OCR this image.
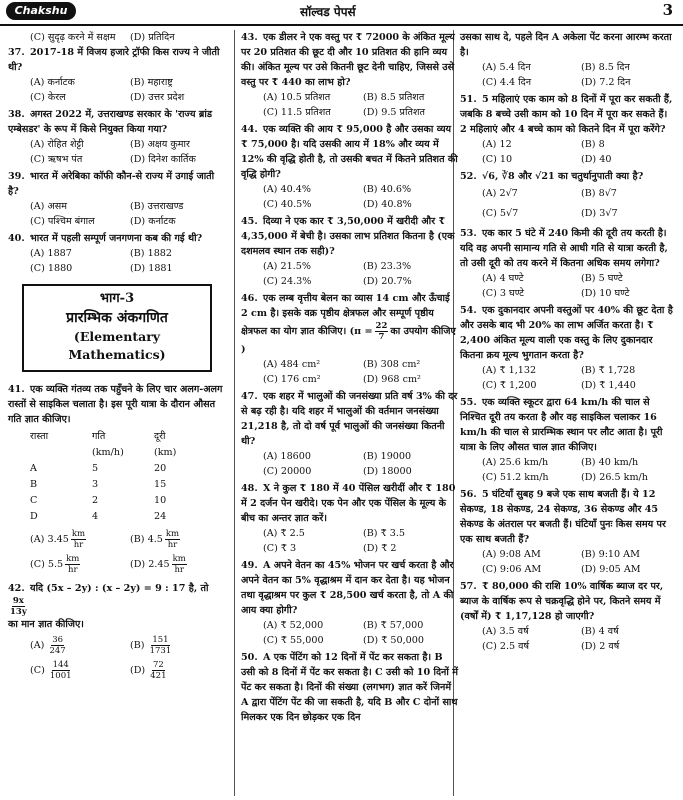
Chakshu	सॉल्वड पेपर्स	3
(C) सुदृढ़ करने में सक्षम	(D) प्रतिदिन
37. 2017-18 में विजय हजारे ट्रॉफी किस राज्य ने जीती थी?
(A) कर्नाटक	(B) महाराष्ट्र
(C) केरल	(D) उत्तर प्रदेश
38. अगस्त 2022 में, उत्तराखण्ड सरकार के 'राज्य ब्रांड एम्बेसडर' के रूप में किसे नियुक्त किया गया?
(A) रोहित शेट्टी	(B) अक्षय कुमार
(C) ऋषभ पंत	(D) दिनेश कार्तिक
39. भारत में अरेबिका कॉफी कौन-से राज्य में उगाई जाती है?
(A) असम	(B) उत्तराखण्ड
(C) पश्चिम बंगाल	(D) कर्नाटक
40. भारत में पहली सम्पूर्ण जनगणना कब की गई थी?
(A) 1887	(B) 1882
(C) 1880	(D) 1881
भाग-3
प्रारम्भिक अंकगणित
(Elementary Mathematics)
41. एक व्यक्ति गंतव्य तक पहुँचने के लिए चार अलग-अलग रास्तों से साइकिल चलाता है। इस पूरी यात्रा के दौरान औसत गति ज्ञात कीजिए।
रास्ता	गति	दूरी
	(km/h)	(km)
A	5	20
B	3	15
C	2	10
D	4	24
(A) $3.45 \frac{km}{hr}$	(B) $4.5 \frac{km}{hr}$
(C) $5.5 \frac{km}{hr}$	(D) $2.45 \frac{km}{hr}$
42. यदि (5x – 2y) : (x – 2y) = 9 : 17 है, तो
$\frac{9x}{13y}$

का मान ज्ञात कीजिए।
$(A) \frac{36}{247}$	$(B) \frac{151}{1731}$
$(C) \frac{144}{1001}$	$(D) \frac{72}{421}$
43. एक डीलर ने एक वस्तु पर ₹ 72000 के अंकित मूल्य पर 20 प्रतिशत की छूट दी और 10 प्रतिशत की हानि व्यय की। अंकित मूल्य पर उसे कितनी छूट देनी चाहिए, जिससे उसे वस्तु पर ₹ 440 का लाभ हो?
(A) 10.5 प्रतिशत	(B) 8.5 प्रतिशत
(C) 11.5 प्रतिशत	(D) 9.5 प्रतिशत
44. एक व्यक्ति की आय ₹ 95,000 है और उसका व्यय ₹ 75,000 है। यदि उसकी आय में 18% और व्यय में 12% की वृद्धि होती है, तो उसकी बचत में कितने प्रतिशत की वृद्धि होगी?
(A) 40.4%	(B) 40.6%
(C) 40.5%	(D) 40.8%
45. दिव्या ने एक कार ₹ 3,50,000 में खरीदी और ₹ 4,35,000 में बेची है। उसका लाभ प्रतिशत कितना है (एक दशमलव स्थान तक सही)?
(A) 21.5%	(B) 23.3%
(C) 24.3%	(D) 20.7%
46. एक लम्ब वृत्तीय बेलन का व्यास 14 cm और ऊँचाई 2 cm है। इसके वक्र पृष्ठीय क्षेत्रफल और सम्पूर्ण पृष्ठीय क्षेत्रफल का योग ज्ञात कीजिए। ($\pi = \frac{22}{7}$ का उपयोग कीजिए )
(A) 484 cm²	(B) 308 cm²
(C) 176 cm²	(D) 968 cm²
47. एक शहर में भालुओं की जनसंख्या प्रति वर्ष 3% की दर से बढ़ रही है। यदि शहर में भालुओं की वर्तमान जनसंख्या 21,218 है, तो दो वर्ष पूर्व भालुओं की जनसंख्या कितनी थी?
(A) 18600	(B) 19000
(C) 20000	(D) 18000
48. X ने कुल ₹ 180 में 40 पेंसिल खरीदीं और ₹ 180 में 2 दर्जन पेन खरीदे। एक पेन और एक पेंसिल के मूल्य के बीच का अन्तर ज्ञात करें।
(A) ₹ 2.5	(B) ₹ 3.5
(C) ₹ 3	(D) ₹ 2
49. A अपने वेतन का 45% भोजन पर खर्च करता है और अपने वेतन का 5% वृद्धाश्रम में दान कर देता है। यह भोजन तथा वृद्धाश्रम पर कुल ₹ 28,500 खर्च करता है, तो A की आय क्या होगी?
(A) ₹ 52,000	(B) ₹ 57,000
(C) ₹ 55,000	(D) ₹ 50,000
50. A एक पेंटिंग को 12 दिनों में पेंट कर सकता है। B उसी को 8 दिनों में पेंट कर सकता है। C उसी को 10 दिनों में पेंट कर सकता है। दिनों की संख्या (लगभग) ज्ञात करें जिनमें A द्वारा पेंटिंग पेंट की जा सकती है, यदि B और C दोनों साथ मिलकर एक दिन छोड़कर एक दिन
उसका साथ दे, पहले दिन A अकेला पेंट करना आरम्भ करता है।
(A) 5.4 दिन	(B) 8.5 दिन
(C) 4.4 दिन	(D) 7.2 दिन
51. 5 महिलाएं एक काम को 8 दिनों में पूरा कर सकती हैं, जबकि 8 बच्चे उसी काम को 10 दिन में पूरा कर सकते हैं। 2 महिलाएं और 4 बच्चे काम को कितने दिन में पूरा करेंगे?
(A) 12	(B) 8
(C) 10	(D) 40
52. √6, ∛8 और √21 का चतुर्थानुपाती क्या है?
(A) 2√7	(B) 8√7
(C) 5√7	(D) 3√7
53. एक कार 5 घंटे में 240 किमी की दूरी तय करती है। यदि वह अपनी सामान्य गति से आधी गति से यात्रा करती है, तो उसी दूरी को तय करने में कितना अधिक समय लगेगा?
(A) 4 घण्टे	(B) 5 घण्टे
(C) 3 घण्टे	(D) 10 घण्टे
54. एक दुकानदार अपनी वस्तुओं पर 40% की छूट देता है और उसके बाद भी 20% का लाभ अर्जित करता है। ₹ 2,400 अंकित मूल्य वाली एक वस्तु के लिए दुकानदार कितना क्रय मूल्य भुगतान करता है?
(A) ₹ 1,132	(B) ₹ 1,728
(C) ₹ 1,200	(D) ₹ 1,440
55. एक व्यक्ति स्कूटर द्वारा 64 km/h की चाल से निश्चित दूरी तय करता है और वह साइकिल चलाकर 16 km/h की चाल से प्रारम्भिक स्थान पर लौट आता है। पूरी यात्रा के लिए औसत चाल ज्ञात कीजिए।
(A) 25.6 km/h	(B) 40 km/h
(C) 51.2 km/h	(D) 26.5 km/h
56. 5 घंटियाँ सुबह 9 बजे एक साथ बजती हैं। ये 12 सेकण्ड, 18 सेकण्ड, 24 सेकण्ड, 36 सेकण्ड और 45 सेकण्ड के अंतराल पर बजती हैं। घंटियाँ पुनः किस समय पर एक साथ बजती हैं?
(A) 9:08 AM	(B) 9:10 AM
(C) 9:06 AM	(D) 9:05 AM
57. ₹ 80,000 की राशि 10% वार्षिक ब्याज दर पर, ब्याज के वार्षिक रूप से चक्रवृद्धि होने पर, कितने समय में (वर्षों में) ₹ 1,17,128 हो जाएगी?
(A) 3.5 वर्ष	(B) 4 वर्ष
(C) 2.5 वर्ष	(D) 2 वर्ष
